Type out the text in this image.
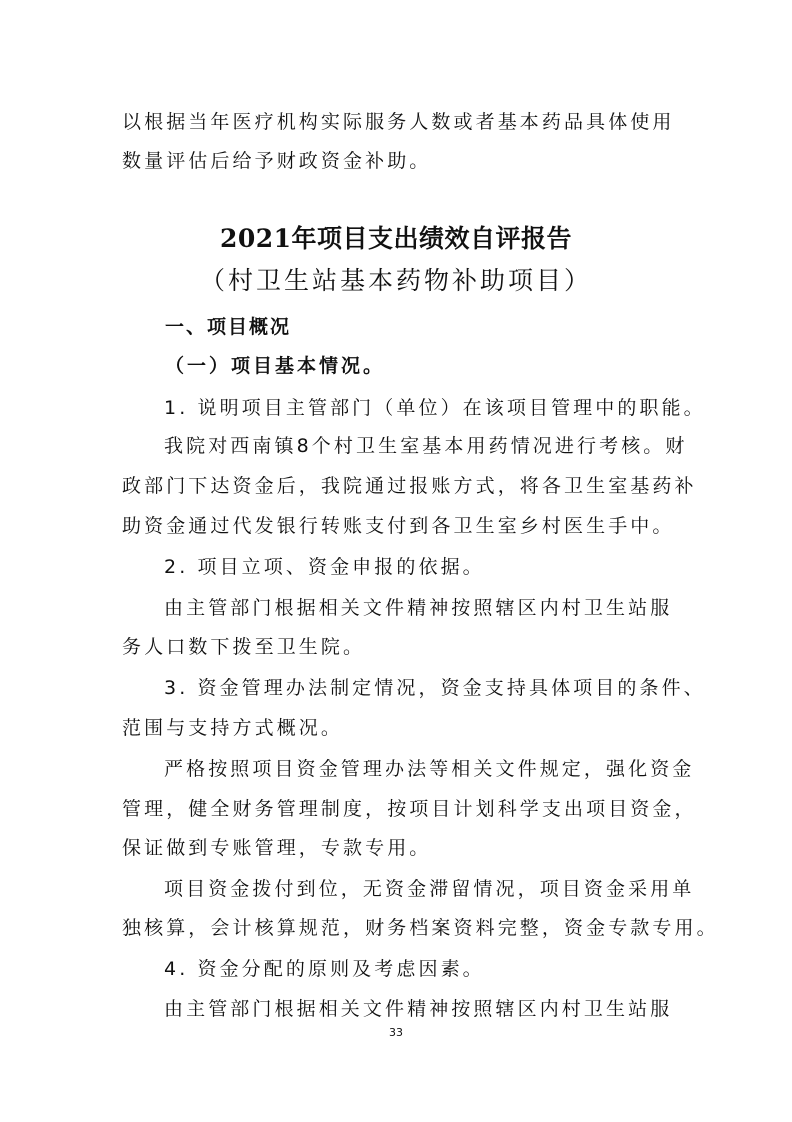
以根据当年医疗机构实际服务人数或者基本药品具体使用
数量评估后给予财政资金补助。
2021年项目支出绩效自评报告
（村卫生站基本药物补助项目）
一、项目概况
（一）项目基本情况。
1. 说明项目主管部门（单位）在该项目管理中的职能。
我院对西南镇8个村卫生室基本用药情况进行考核。财
政部门下达资金后，我院通过报账方式，将各卫生室基药补
助资金通过代发银行转账支付到各卫生室乡村医生手中。
2. 项目立项、资金申报的依据。
由主管部门根据相关文件精神按照辖区内村卫生站服
务人口数下拨至卫生院。
3. 资金管理办法制定情况，资金支持具体项目的条件、
范围与支持方式概况。
严格按照项目资金管理办法等相关文件规定，强化资金
管理，健全财务管理制度，按项目计划科学支出项目资金，
保证做到专账管理，专款专用。
项目资金拨付到位，无资金滞留情况，项目资金采用单
独核算，会计核算规范，财务档案资料完整，资金专款专用。
4. 资金分配的原则及考虑因素。
由主管部门根据相关文件精神按照辖区内村卫生站服
33
